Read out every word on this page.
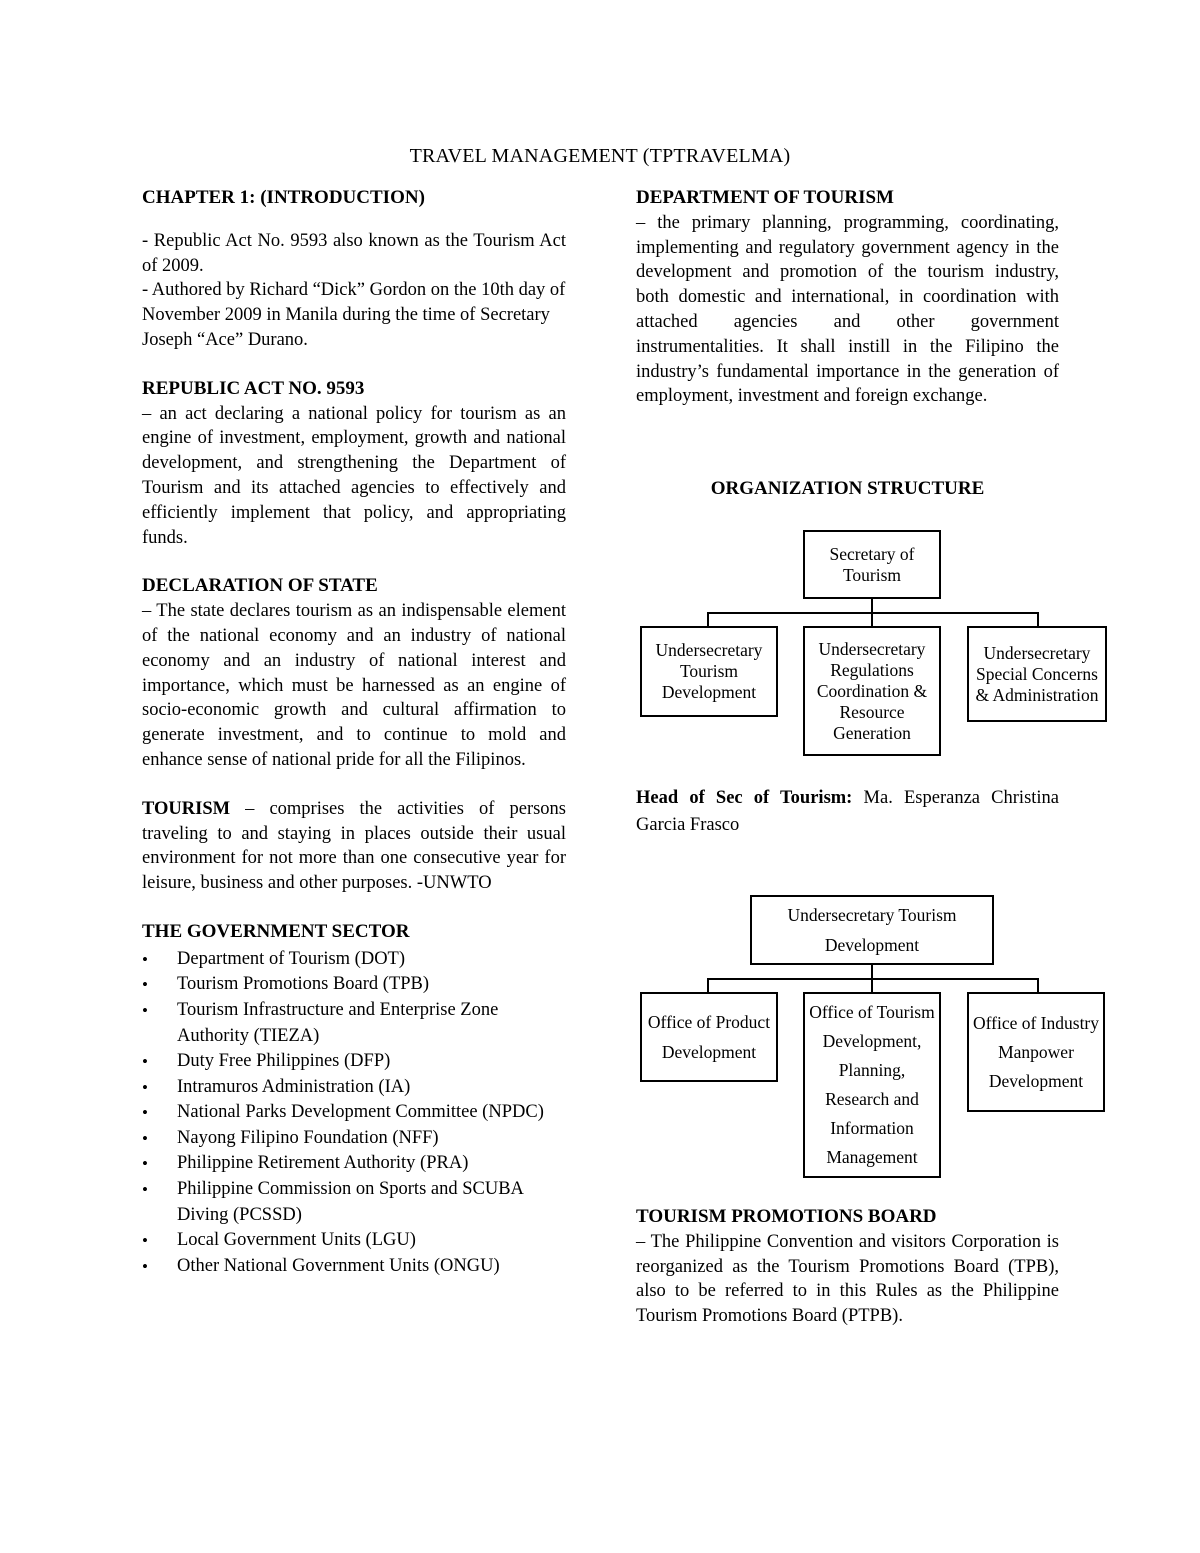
TRAVEL MANAGEMENT (TPTRAVELMA)

CHAPTER 1: (INTRODUCTION)

- Republic Act No. 9593 also known as the Tourism Act of 2009.

- Authored by Richard “Dick” Gordon on the 10th day of November 2009 in Manila during the time of Secretary Joseph “Ace” Durano.

REPUBLIC ACT NO. 9593

– an act declaring a national policy for tourism as an engine of investment, employment, growth and national development, and strengthening the Department of Tourism and its attached agencies to effectively and efficiently implement that policy, and appropriating funds.

DECLARATION OF STATE

– The state declares tourism as an indispensable element of the national economy and an industry of national economy and an industry of national interest and importance, which must be harnessed as an engine of socio-economic growth and cultural affirmation to generate investment, and to continue to mold and enhance sense of national pride for all the Filipinos.

TOURISM – comprises the activities of persons traveling to and staying in places outside their usual environment for not more than one consecutive year for leisure, business and other purposes. -UNWTO

THE GOVERNMENT SECTOR

• Department of Tourism (DOT)
• Tourism Promotions Board (TPB)
• Tourism Infrastructure and Enterprise Zone Authority (TIEZA)
• Duty Free Philippines (DFP)
• Intramuros Administration (IA)
• National Parks Development Committee (NPDC)
• Nayong Filipino Foundation (NFF)
• Philippine Retirement Authority (PRA)
• Philippine Commission on Sports and SCUBA Diving (PCSSD)
• Local Government Units (LGU)
• Other National Government Units (ONGU)

DEPARTMENT OF TOURISM

– the primary planning, programming, coordinating, implementing and regulatory government agency in the development and promotion of the tourism industry, both domestic and international, in coordination with attached agencies and other government instrumentalities. It shall instill in the Filipino the industry’s fundamental importance in the generation of employment, investment and foreign exchange.

ORGANIZATION STRUCTURE
Secretary of Tourism
Undersecretary Tourism Development
Undersecretary Regulations Coordination & Resource Generation
Undersecretary Special Concerns & Administration
Head of Sec of Tourism: Ma. Esperanza Christina Garcia Frasco
Undersecretary Tourism Development
Office of Product Development
Office of Tourism Development, Planning, Research and Information Management
Office of Industry Manpower Development

TOURISM PROMOTIONS BOARD

– The Philippine Convention and visitors Corporation is reorganized as the Tourism Promotions Board (TPB), also to be referred to in this Rules as the Philippine Tourism Promotions Board (PTPB).
